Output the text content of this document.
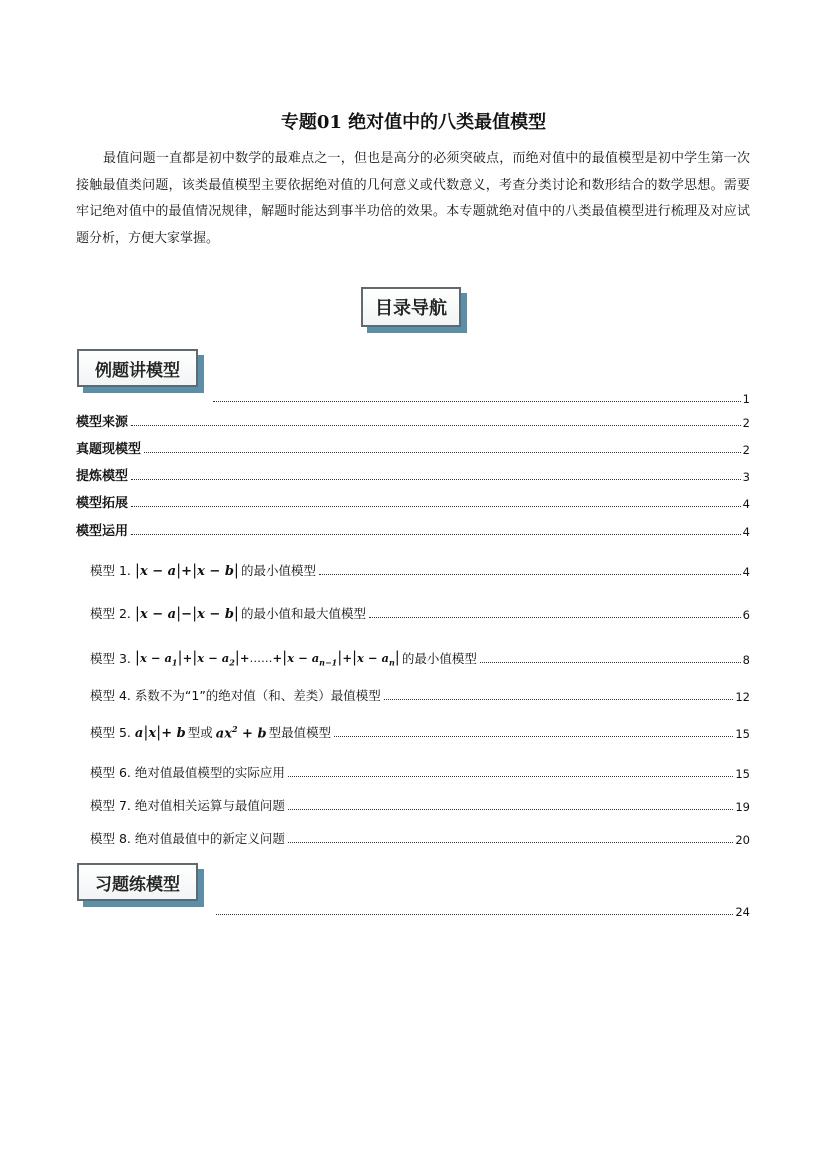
专题01 绝对值中的八类最值模型
最值问题一直都是初中数学的最难点之一，但也是高分的必须突破点，而绝对值中的最值模型是初中学生第一次接触最值类问题，该类最值模型主要依据绝对值的几何意义或代数意义，考查分类讨论和数形结合的数学思想。需要牢记绝对值中的最值情况规律，解题时能达到事半功倍的效果。本专题就绝对值中的八类最值模型进行梳理及对应试题分析，方便大家掌握。
目录导航
例题讲模型
1
模型来源	2
真题现模型	2
提炼模型	3
模型拓展	4
模型运用	4
模型 1. |x − a|+|x − b| 的最小值模型	4
模型 2. |x − a|−|x − b| 的最小值和最大值模型	6
模型 3. $|x - a_1|+|x$ − $a_2|+\dots\dots+|x - a_{n-1}|+|x - a_n|$ 的最小值模型	8
模型 4. 系数不为“1”的绝对值（和、差类）最值模型	12
模型 5. a|x|+ b 型或 $ax^2 + b$ 型最值模型	15
模型 6. 绝对值最值模型的实际应用	15
模型 7. 绝对值相关运算与最值问题	19
模型 8. 绝对值最值中的新定义问题	20
习题练模型
24
